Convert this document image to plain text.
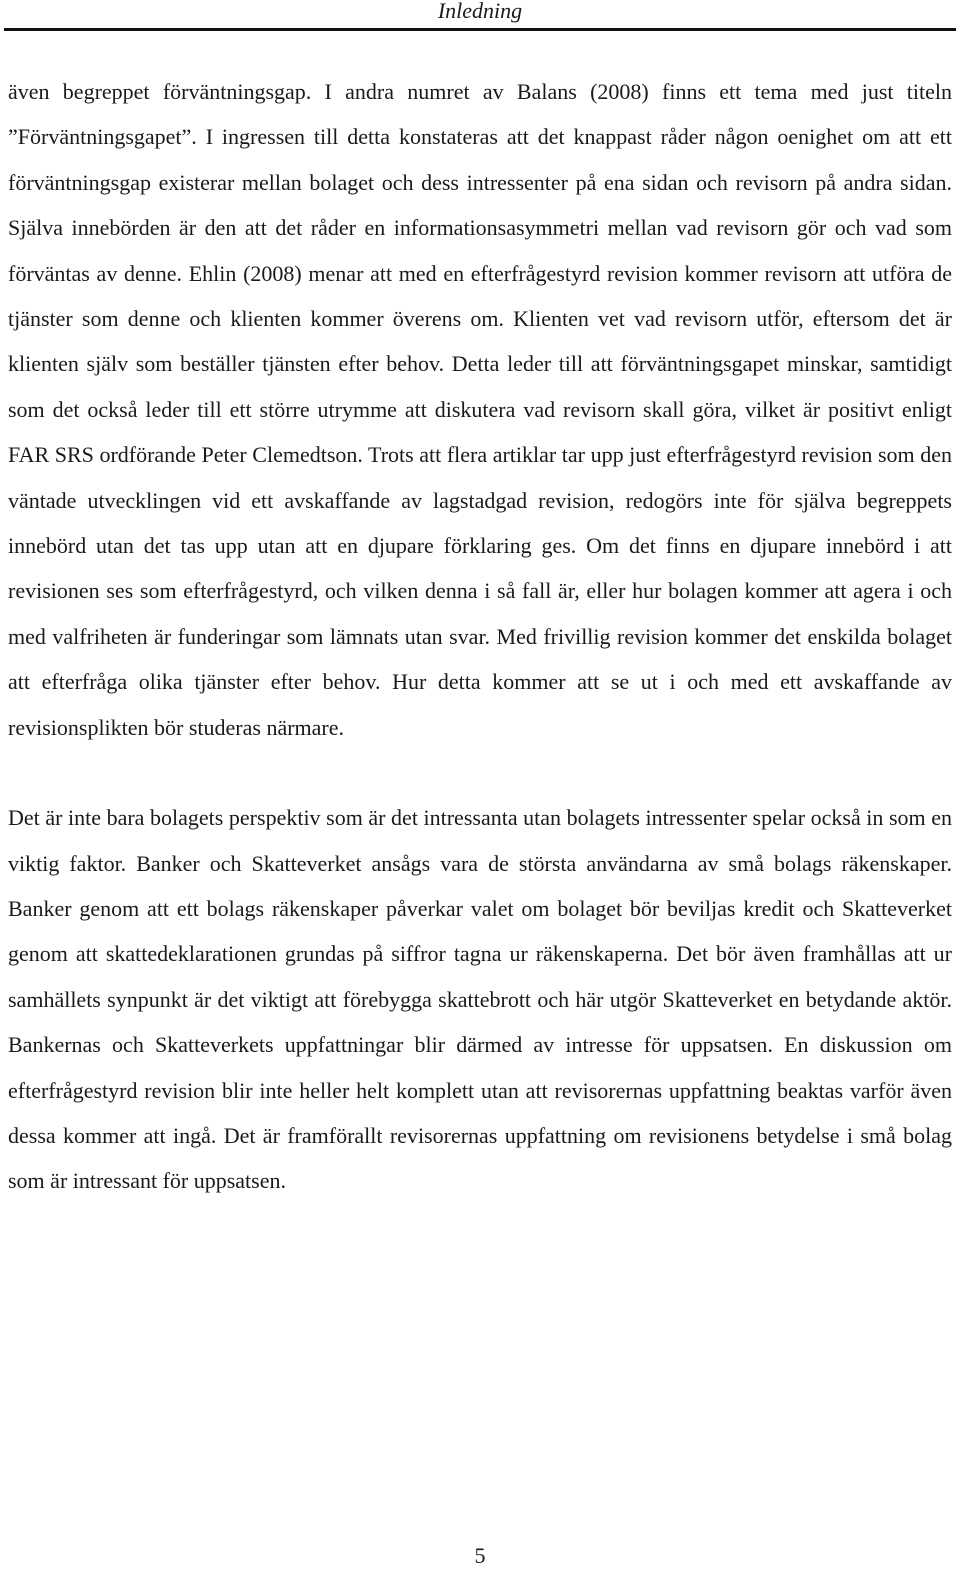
Inledning

även begreppet förväntningsgap. I andra numret av Balans (2008) finns ett tema med just titeln ”Förväntningsgapet”. I ingressen till detta konstateras att det knappast råder någon oenighet om att ett förväntningsgap existerar mellan bolaget och dess intressenter på ena sidan och revisorn på andra sidan. Själva innebörden är den att det råder en informationsasymmetri mellan vad revisorn gör och vad som förväntas av denne. Ehlin (2008) menar att med en efterfrågestyrd revision kommer revisorn att utföra de tjänster som denne och klienten kommer överens om. Klienten vet vad revisorn utför, eftersom det är klienten själv som beställer tjänsten efter behov. Detta leder till att förväntningsgapet minskar, samtidigt som det också leder till ett större utrymme att diskutera vad revisorn skall göra, vilket är positivt enligt FAR SRS ordförande Peter Clemedtson. Trots att flera artiklar tar upp just efterfrågestyrd revision som den väntade utvecklingen vid ett avskaffande av lagstadgad revision, redogörs inte för själva begreppets innebörd utan det tas upp utan att en djupare förklaring ges. Om det finns en djupare innebörd i att revisionen ses som efterfrågestyrd, och vilken denna i så fall är, eller hur bolagen kommer att agera i och med valfriheten är funderingar som lämnats utan svar. Med frivillig revision kommer det enskilda bolaget att efterfråga olika tjänster efter behov. Hur detta kommer att se ut i och med ett avskaffande av revisionsplikten bör studeras närmare.

Det är inte bara bolagets perspektiv som är det intressanta utan bolagets intressenter spelar också in som en viktig faktor. Banker och Skatteverket ansågs vara de största användarna av små bolags räkenskaper. Banker genom att ett bolags räkenskaper påverkar valet om bolaget bör beviljas kredit och Skatteverket genom att skattedeklarationen grundas på siffror tagna ur räkenskaperna. Det bör även framhållas att ur samhällets synpunkt är det viktigt att förebygga skattebrott och här utgör Skatteverket en betydande aktör. Bankernas och Skatteverkets uppfattningar blir därmed av intresse för uppsatsen. En diskussion om efterfrågestyrd revision blir inte heller helt komplett utan att revisorernas uppfattning beaktas varför även dessa kommer att ingå. Det är framförallt revisorernas uppfattning om revisionens betydelse i små bolag som är intressant för uppsatsen.

5
